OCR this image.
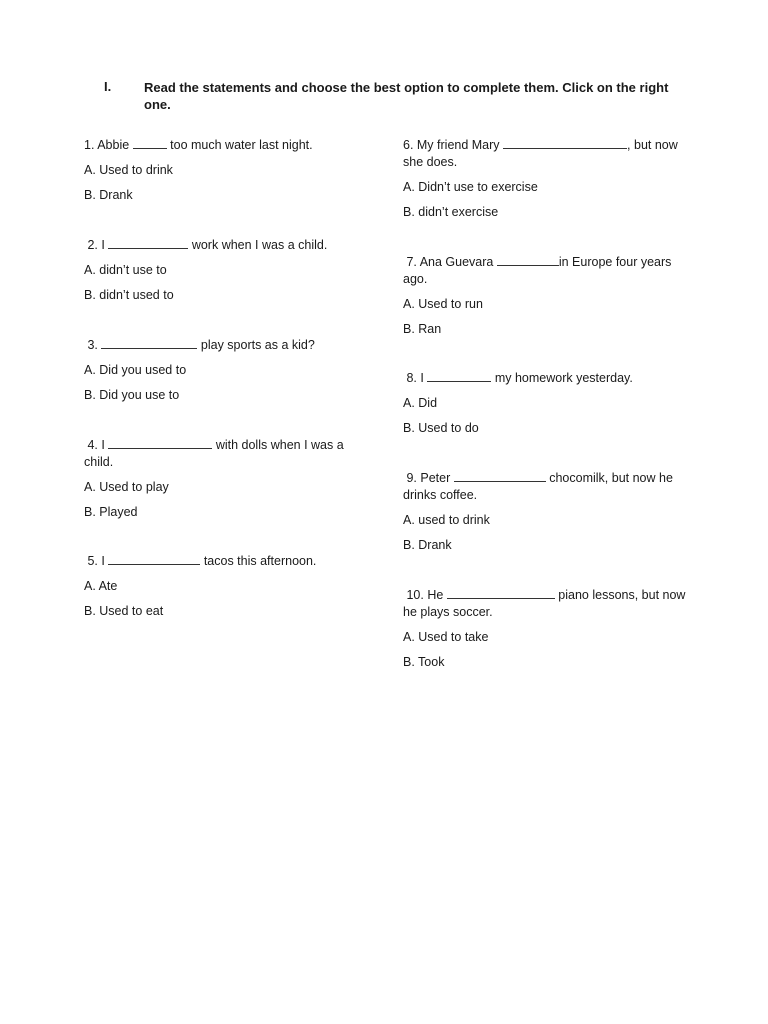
I.	Read the statements and choose the best option to complete them. Click on the right one.
1. Abbie	too much water last night.
A. Used to drink
B. Drank
2. I	work when I was a child.
A. didn’t use to
B. didn’t used to
3.	play sports as a kid?
A. Did you used to
B. Did you use to
4. I	with dolls when I was a child.
A. Used to play
B. Played
5. I	tacos this afternoon.
A. Ate
B. Used to eat
6. My friend Mary	, but now she does.
A. Didn’t use to exercise
B. didn’t exercise
7. Ana Guevara	in Europe four years ago.
A. Used to run
B. Ran
8. I	my homework yesterday.
A. Did
B. Used to do
9. Peter	chocomilk, but now he drinks coffee.
A. used to drink
B. Drank
10. He	piano lessons, but now he plays soccer.
A. Used to take
B. Took
